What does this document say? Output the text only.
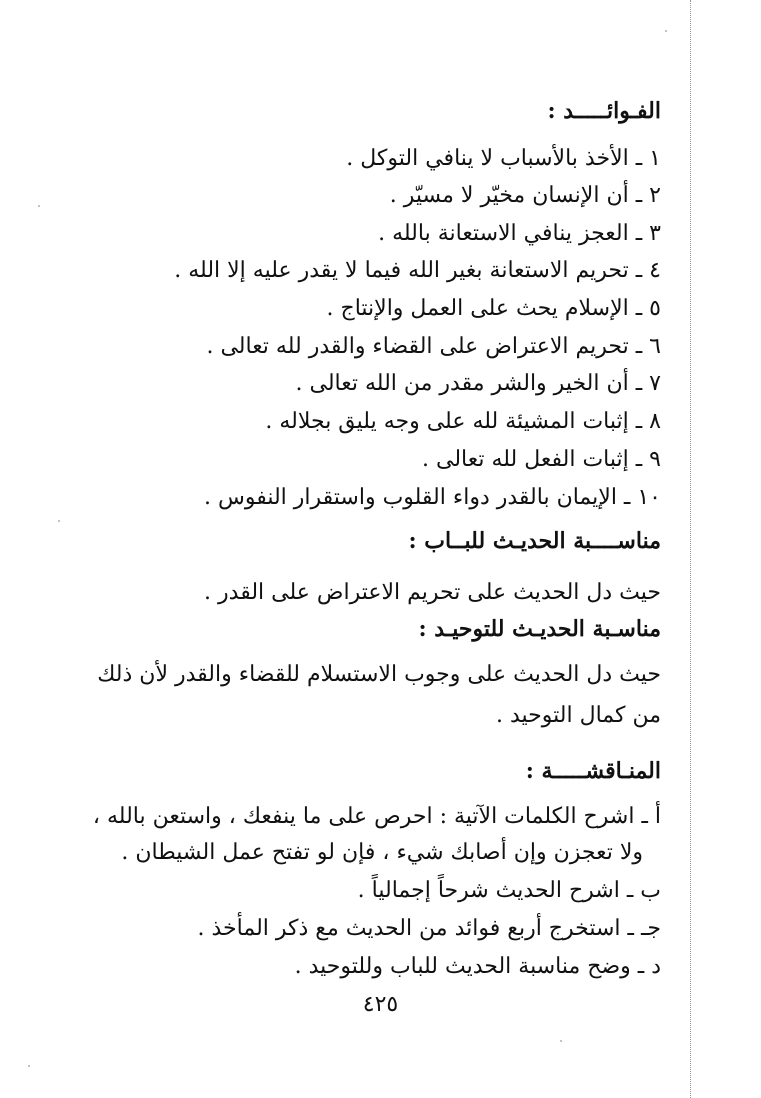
الفـوائـــــد :
١ ـ الأخذ بالأسباب لا ينافي التوكل .
٢ ـ أن الإنسان مخيّر لا مسيّر .
٣ ـ العجز ينافي الاستعانة بالله .
٤ ـ تحريم الاستعانة بغير الله فيما لا يقدر عليه إلا الله .
٥ ـ الإسلام يحث على العمل والإنتاج .
٦ ـ تحريم الاعتراض على القضاء والقدر لله تعالى .
٧ ـ أن الخير والشر مقدر من الله تعالى .
٨ ـ إثبات المشيئة لله على وجه يليق بجلاله .
٩ ـ إثبات الفعل لله تعالى .
١٠ ـ الإيمان بالقدر دواء القلوب واستقرار النفوس .
مناســــبة الحديـث للبــاب :
حيث دل الحديث على تحريم الاعتراض على القدر .
مناسـبة الحديـث للتوحيـد :
حيث دل الحديث على وجوب الاستسلام للقضاء والقدر لأن ذلك
من كمال التوحيد .
المنـاقشـــــة :
أ ـ اشرح الكلمات الآتية : احرص على ما ينفعك ، واستعن بالله ،
ولا تعجزن وإن أصابك شيء ، فإن لو تفتح عمل الشيطان .
ب ـ اشرح الحديث شرحاً إجمالياً .
جـ ـ استخرج أربع فوائد من الحديث مع ذكر المأخذ .
د ـ وضح مناسبة الحديث للباب وللتوحيد .
٤٢٥
